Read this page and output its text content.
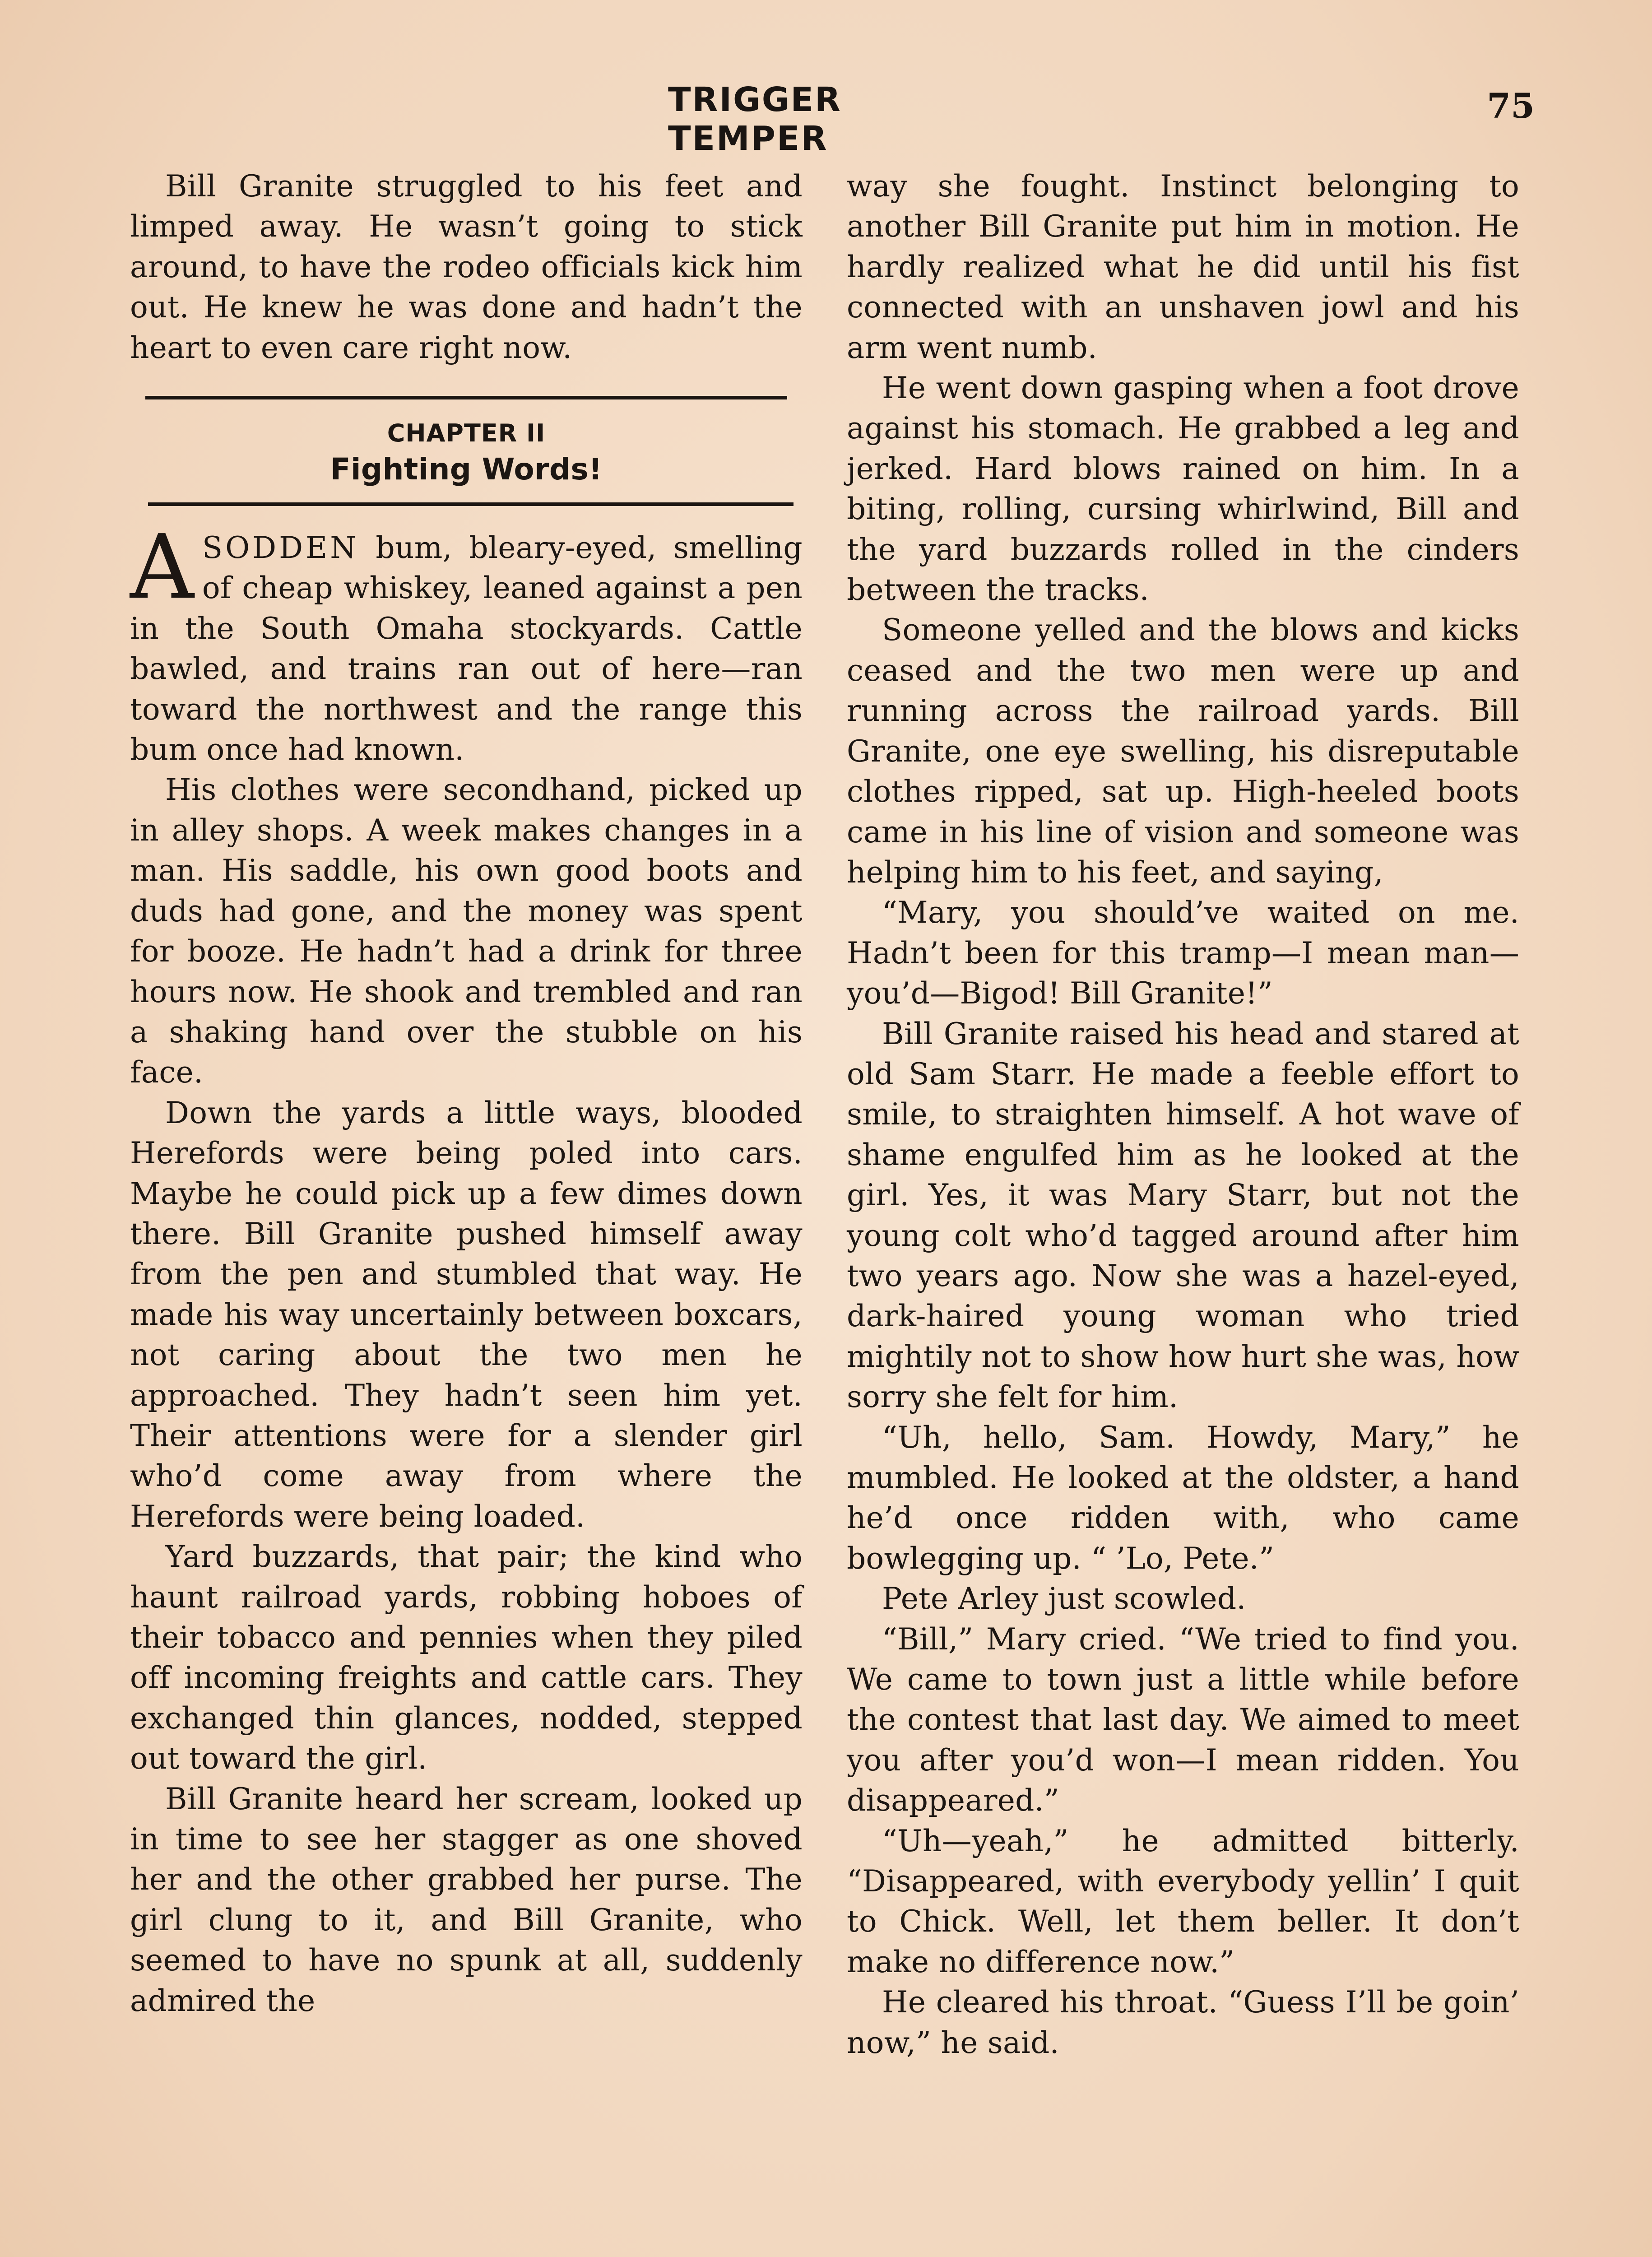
TRIGGER TEMPER
75

Bill Granite struggled to his feet and limped away. He wasn’t going to stick around, to have the rodeo officials kick him out. He knew he was done and hadn’t the heart to even care right now.

CHAPTER II
Fighting Words!

ASODDEN bum, bleary-eyed, smelling of cheap whiskey, leaned against a pen in the South Omaha stockyards. Cattle bawled, and trains ran out of here—ran toward the northwest and the range this bum once had known.

His clothes were secondhand, picked up in alley shops. A week makes changes in a man. His saddle, his own good boots and duds had gone, and the money was spent for booze. He hadn’t had a drink for three hours now. He shook and trembled and ran a shaking hand over the stubble on his face.

Down the yards a little ways, blooded Herefords were being poled into cars. Maybe he could pick up a few dimes down there. Bill Granite pushed himself away from the pen and stumbled that way. He made his way uncertainly between boxcars, not caring about the two men he approached. They hadn’t seen him yet. Their attentions were for a slender girl who’d come away from where the Herefords were being loaded.

Yard buzzards, that pair; the kind who haunt railroad yards, robbing hoboes of their tobacco and pennies when they piled off incoming freights and cattle cars. They exchanged thin glances, nodded, stepped out toward the girl.

Bill Granite heard her scream, looked up in time to see her stagger as one shoved her and the other grabbed her purse. The girl clung to it, and Bill Granite, who seemed to have no spunk at all, suddenly admired the

way she fought. Instinct belonging to another Bill Granite put him in motion. He hardly realized what he did until his fist connected with an unshaven jowl and his arm went numb.

He went down gasping when a foot drove against his stomach. He grabbed a leg and jerked. Hard blows rained on him. In a biting, rolling, cursing whirlwind, Bill and the yard buzzards rolled in the cinders between the tracks.

Someone yelled and the blows and kicks ceased and the two men were up and running across the railroad yards. Bill Granite, one eye swelling, his disreputable clothes ripped, sat up. High-heeled boots came in his line of vision and someone was helping him to his feet, and saying,

“Mary, you should’ve waited on me. Hadn’t been for this tramp—I mean man—you’d—Bigod! Bill Granite!”

Bill Granite raised his head and stared at old Sam Starr. He made a feeble effort to smile, to straighten himself. A hot wave of shame engulfed him as he looked at the girl. Yes, it was Mary Starr, but not the young colt who’d tagged around after him two years ago. Now she was a hazel-eyed, dark-haired young woman who tried mightily not to show how hurt she was, how sorry she felt for him.

“Uh, hello, Sam. Howdy, Mary,” he mumbled. He looked at the oldster, a hand he’d once ridden with, who came bowlegging up. “ ’Lo, Pete.”

Pete Arley just scowled.

“Bill,” Mary cried. “We tried to find you. We came to town just a little while before the contest that last day. We aimed to meet you after you’d won—I mean ridden. You disappeared.”

“Uh—yeah,” he admitted bitterly. “Disappeared, with everybody yellin’ I quit to Chick. Well, let them beller. It don’t make no difference now.”

He cleared his throat. “Guess I’ll be goin’ now,” he said.
